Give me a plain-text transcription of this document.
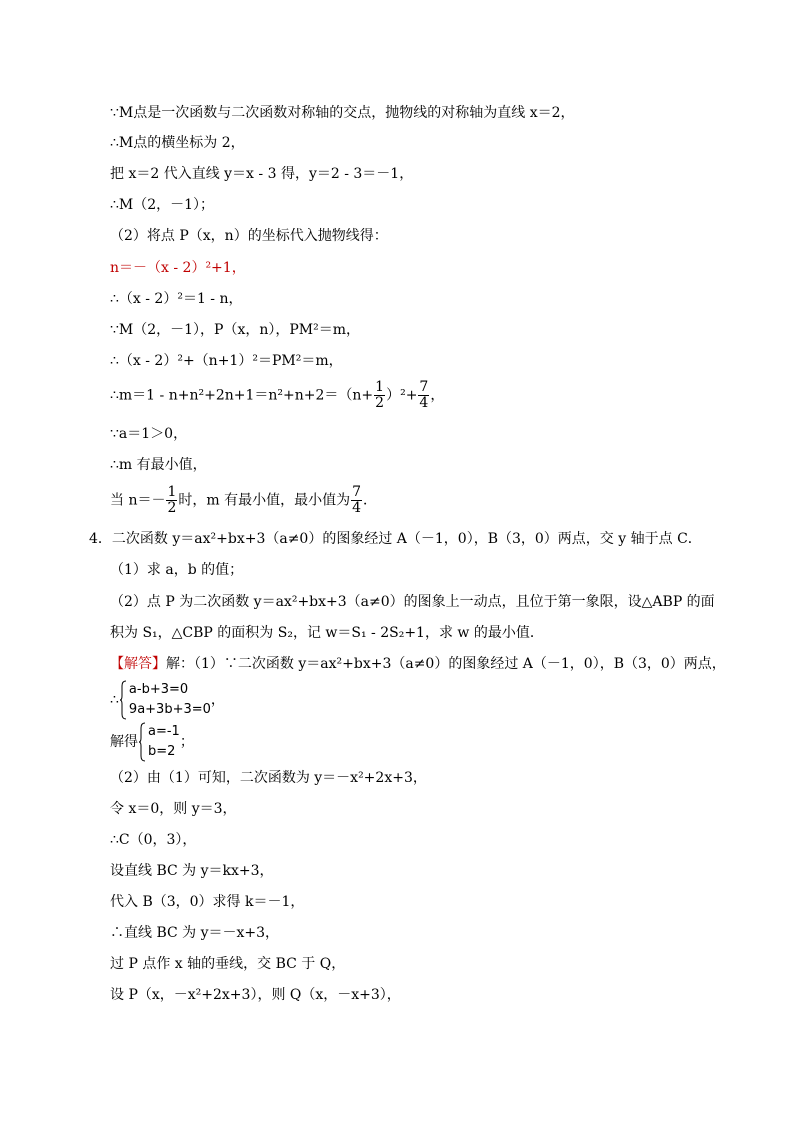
∵M点是一次函数与二次函数对称轴的交点，抛物线的对称轴为直线 x＝2，
∴M点的横坐标为 2，
把 x＝2 代入直线 y＝x - 3 得，y＝2 - 3＝－1，
∴M（2，－1）；
（2）将点 P（x，n）的坐标代入抛物线得：
n＝－（x - 2）²+1，
∴（x - 2）²＝1 - n，
∵M（2，－1），P（x，n），PM²＝m，
∴（x - 2）²+（n+1）²＝PM²＝m，
∴m＝1 - $n+n^2+2n+1=n^2+n+2=(n+ \frac{1}{2} )^2+ \frac{7}{4}$ ，
∵a＝1＞0，
∴m 有最小值，
当 $n=- \frac{1}{2}$ 时，m 有最小值，最小值为 $\frac{7}{4}$ ．
4．二次函数 y＝ax²+bx+3（a≠0）的图象经过 A（－1，0），B（3，0）两点，交 y 轴于点 C．
（1）求 a，b 的值；
（2）点 P 为二次函数 y＝ax²+bx+3（a≠0）的图象上一动点，且位于第一象限，设△ABP 的面
积为 S₁，△CBP 的面积为 S₂，记 w＝S₁ - 2S₂+1，求 w 的最小值．
【解答】解：（1）∵二次函数 y＝ax²+bx+3（a≠0）的图象经过 A（－1，0），B（3，0）两点，
∴
a-b+3=0
9a+3b+3=0
，
解得
a=-1
b=2
；
（2）由（1）可知，二次函数为 y＝－x²+2x+3，
令 x＝0，则 y＝3，
∴C（0，3），
设直线 BC 为 y＝kx+3，
代入 B（3，0）求得 k＝－1，
∴直线 BC 为 y＝－x+3，
过 P 点作 x 轴的垂线，交 BC 于 Q，
设 P（x，－x²+2x+3），则 Q（x，－x+3），
